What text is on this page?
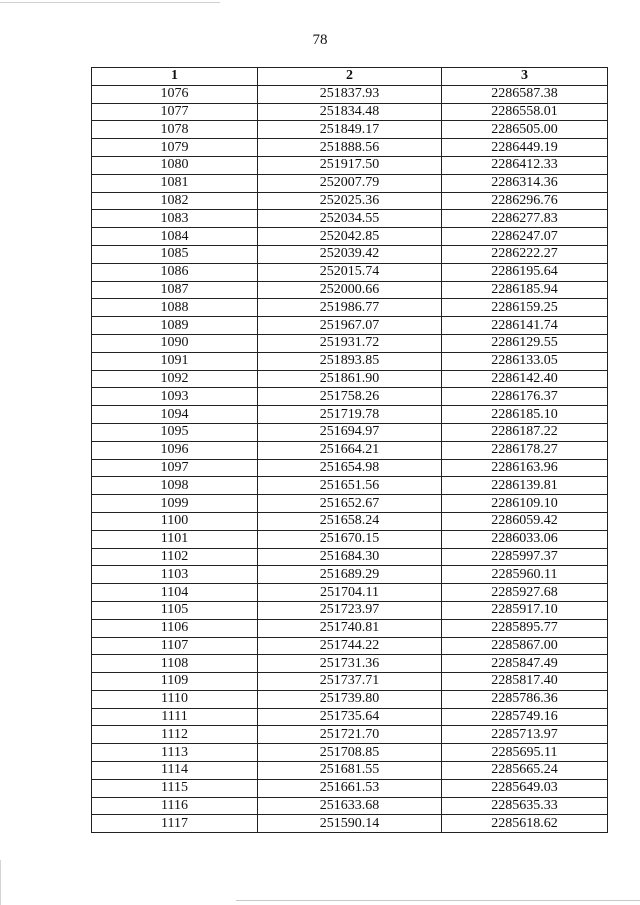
78
1	2	3
1076	251837.93	2286587.38
1077	251834.48	2286558.01
1078	251849.17	2286505.00
1079	251888.56	2286449.19
1080	251917.50	2286412.33
1081	252007.79	2286314.36
1082	252025.36	2286296.76
1083	252034.55	2286277.83
1084	252042.85	2286247.07
1085	252039.42	2286222.27
1086	252015.74	2286195.64
1087	252000.66	2286185.94
1088	251986.77	2286159.25
1089	251967.07	2286141.74
1090	251931.72	2286129.55
1091	251893.85	2286133.05
1092	251861.90	2286142.40
1093	251758.26	2286176.37
1094	251719.78	2286185.10
1095	251694.97	2286187.22
1096	251664.21	2286178.27
1097	251654.98	2286163.96
1098	251651.56	2286139.81
1099	251652.67	2286109.10
1100	251658.24	2286059.42
1101	251670.15	2286033.06
1102	251684.30	2285997.37
1103	251689.29	2285960.11
1104	251704.11	2285927.68
1105	251723.97	2285917.10
1106	251740.81	2285895.77
1107	251744.22	2285867.00
1108	251731.36	2285847.49
1109	251737.71	2285817.40
1110	251739.80	2285786.36
1111	251735.64	2285749.16
1112	251721.70	2285713.97
1113	251708.85	2285695.11
1114	251681.55	2285665.24
1115	251661.53	2285649.03
1116	251633.68	2285635.33
1117	251590.14	2285618.62
